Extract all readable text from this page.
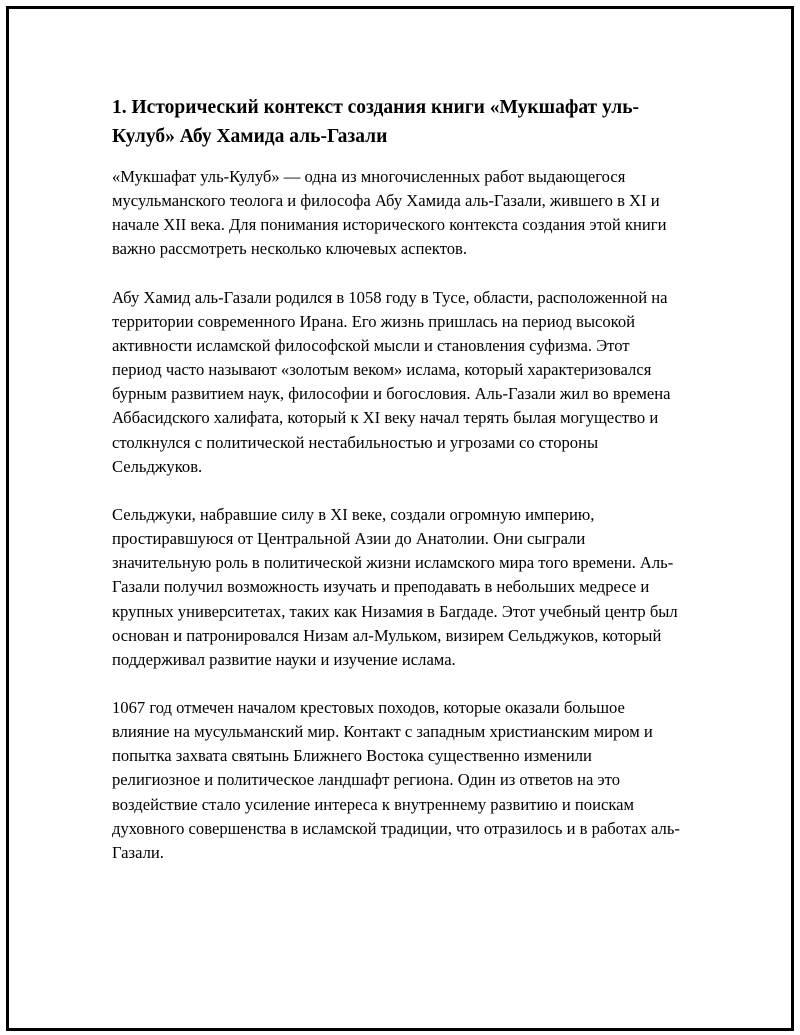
1. Исторический контекст создания книги «Мукшафат уль-Кулуб» Абу Хамида аль-Газали

«Мукшафат уль-Кулуб» — одна из многочисленных работ выдающегося мусульманского теолога и философа Абу Хамида аль-Газали, жившего в XI и начале XII века. Для понимания исторического контекста создания этой книги важно рассмотреть несколько ключевых аспектов.

Абу Хамид аль-Газали родился в 1058 году в Тусе, области, расположенной на территории современного Ирана. Его жизнь пришлась на период высокой активности исламской философской мысли и становления суфизма. Этот период часто называют «золотым веком» ислама, который характеризовался бурным развитием наук, философии и богословия. Аль-Газали жил во времена Аббасидского халифата, который к XI веку начал терять былая могущество и столкнулся с политической нестабильностью и угрозами со стороны Сельджуков.

Сельджуки, набравшие силу в XI веке, создали огромную империю, простиравшуюся от Центральной Азии до Анатолии. Они сыграли значительную роль в политической жизни исламского мира того времени. Аль-Газали получил возможность изучать и преподавать в небольших медресе и крупных университетах, таких как Низамия в Багдаде. Этот учебный центр был основан и патронировался Низам ал-Мульком, визирем Сельджуков, который поддерживал развитие науки и изучение ислама.

1067 год отмечен началом крестовых походов, которые оказали большое влияние на мусульманский мир. Контакт с западным христианским миром и попытка захвата святынь Ближнего Востока существенно изменили религиозное и политическое ландшафт региона. Один из ответов на это воздействие стало усиление интереса к внутреннему развитию и поискам духовного совершенства в исламской традиции, что отразилось и в работах аль-Газали.
